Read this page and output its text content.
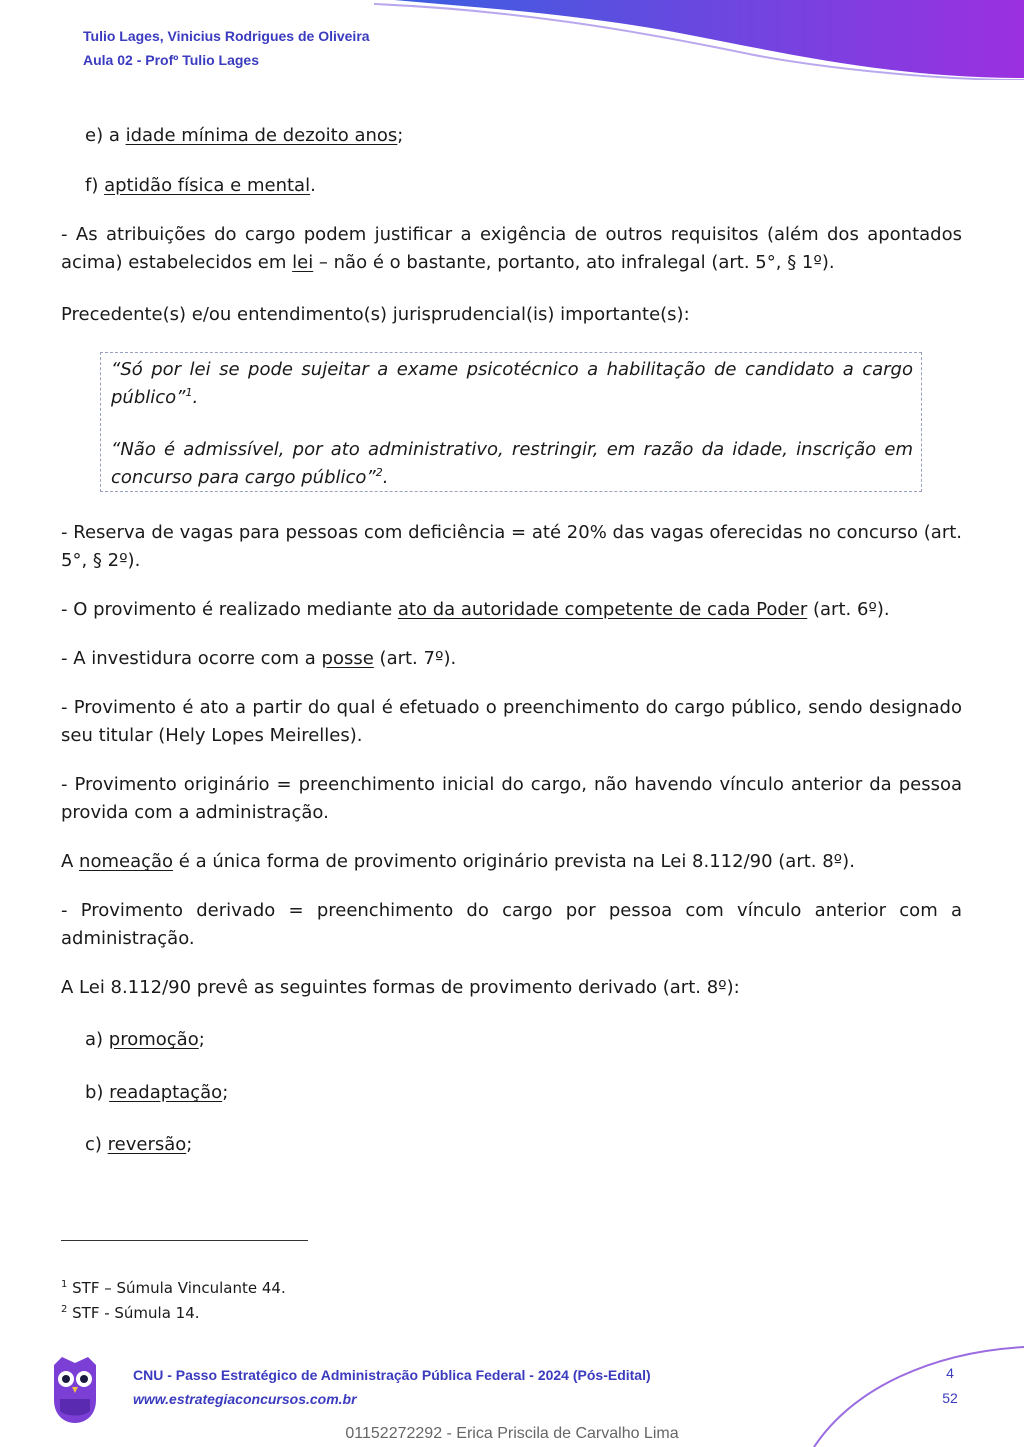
Tulio Lages, Vinicius Rodrigues de Oliveira
Aula 02 - Profº Tulio Lages

e) a idade mínima de dezoito anos;

f) aptidão física e mental.

- As atribuições do cargo podem justificar a exigência de outros requisitos (além dos apontados acima) estabelecidos em lei – não é o bastante, portanto, ato infralegal (art. 5°, § 1º).

Precedente(s) e/ou entendimento(s) jurisprudencial(is) importante(s):

“Só por lei se pode sujeitar a exame psicotécnico a habilitação de candidato a cargo público”$^1$.

“Não é admissível, por ato administrativo, restringir, em razão da idade, inscrição em concurso para cargo público”$^2$.

- Reserva de vagas para pessoas com deficiência = até 20% das vagas oferecidas no concurso (art. 5°, § 2º).

- O provimento é realizado mediante ato da autoridade competente de cada Poder (art. 6º).

- A investidura ocorre com a posse (art. 7º).

- Provimento é ato a partir do qual é efetuado o preenchimento do cargo público, sendo designado seu titular (Hely Lopes Meirelles).

- Provimento originário = preenchimento inicial do cargo, não havendo vínculo anterior da pessoa provida com a administração.

A nomeação é a única forma de provimento originário prevista na Lei 8.112/90 (art. 8º).

- Provimento derivado = preenchimento do cargo por pessoa com vínculo anterior com a administração.

A Lei 8.112/90 prevê as seguintes formas de provimento derivado (art. 8º):

a) promoção;

b) readaptação;

c) reversão;

$^1$ STF – Súmula Vinculante 44.
$^2$ STF - Súmula 14.
CNU - Passo Estratégico de Administração Pública Federal - 2024 (Pós-Edital)
www.estrategiaconcursos.com.br
4
52
01152272292 - Erica Priscila de Carvalho Lima
